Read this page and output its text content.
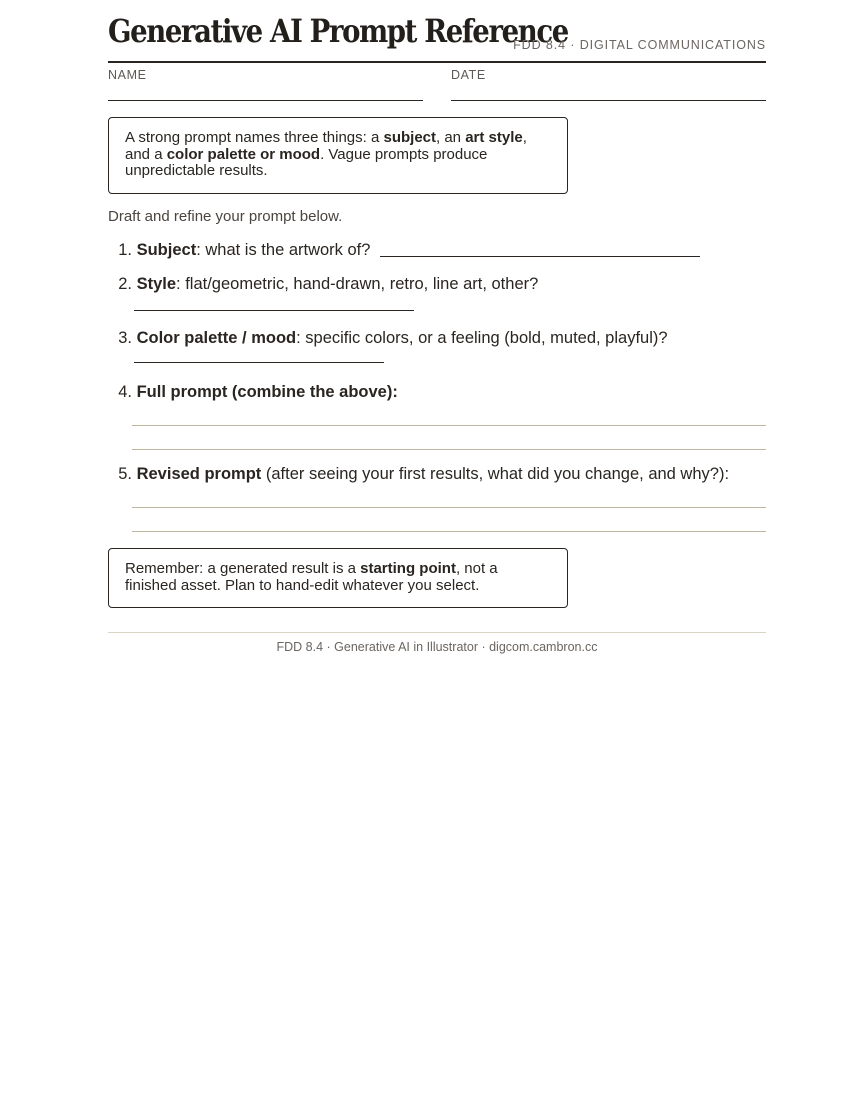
Generative AI Prompt Reference
FDD 8.4 · DIGITAL COMMUNICATIONS
NAME	DATE
A strong prompt names three things: a subject, an art style, and a color palette or mood. Vague prompts produce unpredictable results.
Draft and refine your prompt below.
1. Subject: what is the artwork of?
2. Style: flat/geometric, hand-drawn, retro, line art, other?
3. Color palette / mood: specific colors, or a feeling (bold, muted, playful)?
4. Full prompt (combine the above):
5. Revised prompt (after seeing your first results, what did you change, and why?):
Remember: a generated result is a starting point, not a finished asset. Plan to hand-edit whatever you select.
FDD 8.4 · Generative AI in Illustrator · digcom.cambron.cc
